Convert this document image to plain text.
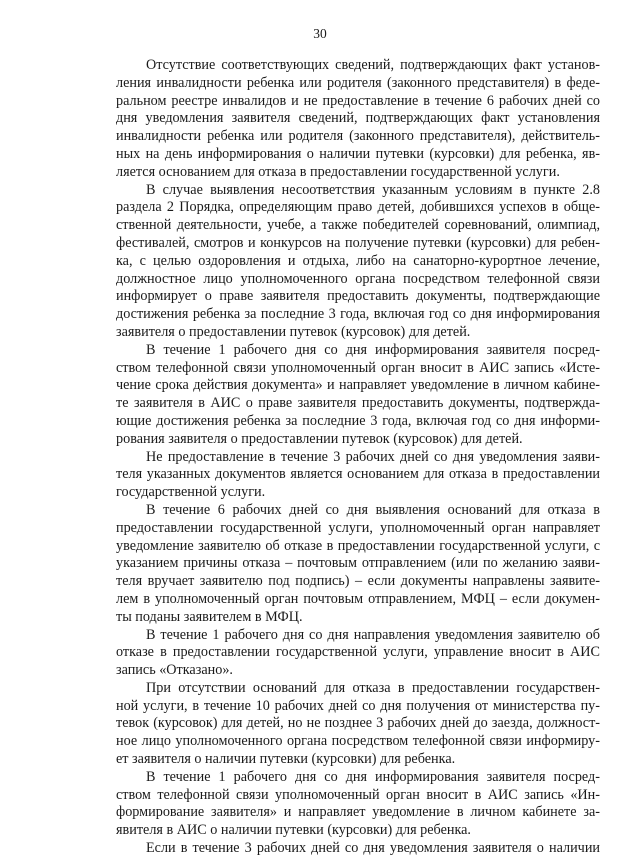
30
Отсутствие соответствующих сведений, подтверждающих факт установ-
ления инвалидности ребенка или родителя (законного представителя) в феде-
ральном реестре инвалидов и не предоставление в течение 6 рабочих дней со
дня уведомления заявителя сведений, подтверждающих факт установления
инвалидности ребенка или родителя (законного представителя), действитель-
ных на день информирования о наличии путевки (курсовки) для ребенка, яв-
ляется основанием для отказа в предоставлении государственной услуги.
В случае выявления несоответствия указанным условиям в пункте 2.8
раздела 2 Порядка, определяющим право детей, добившихся успехов в обще-
ственной деятельности, учебе, а также победителей соревнований, олимпиад,
фестивалей, смотров и конкурсов на получение путевки (курсовки) для ребен-
ка, с целью оздоровления и отдыха, либо на санаторно-курортное лечение,
должностное лицо уполномоченного органа посредством телефонной связи
информирует о праве заявителя предоставить документы, подтверждающие
достижения ребенка за последние 3 года, включая год со дня информирования
заявителя о предоставлении путевок (курсовок) для детей.
В течение 1 рабочего дня со дня информирования заявителя посред-
ством телефонной связи уполномоченный орган вносит в АИС запись «Исте-
чение срока действия документа» и направляет уведомление в личном кабине-
те заявителя в АИС о праве заявителя предоставить документы, подтвержда-
ющие достижения ребенка за последние 3 года, включая год со дня информи-
рования заявителя о предоставлении путевок (курсовок) для детей.
Не предоставление в течение 3 рабочих дней со дня уведомления заяви-
теля указанных документов является основанием для отказа в предоставлении
государственной услуги.
В течение 6 рабочих дней со дня выявления оснований для отказа в
предоставлении государственной услуги, уполномоченный орган направляет
уведомление заявителю об отказе в предоставлении государственной услуги, с
указанием причины отказа – почтовым отправлением (или по желанию заяви-
теля вручает заявителю под подпись) – если документы направлены заявите-
лем в уполномоченный орган почтовым отправлением, МФЦ – если докумен-
ты поданы заявителем в МФЦ.
В течение 1 рабочего дня со дня направления уведомления заявителю об
отказе в предоставлении государственной услуги, управление вносит в АИС
запись «Отказано».
При отсутствии оснований для отказа в предоставлении государствен-
ной услуги, в течение 10 рабочих дней со дня получения от министерства пу-
тевок (курсовок) для детей, но не позднее 3 рабочих дней до заезда, должност-
ное лицо уполномоченного органа посредством телефонной связи информиру-
ет заявителя о наличии путевки (курсовки) для ребенка.
В течение 1 рабочего дня со дня информирования заявителя посред-
ством телефонной связи уполномоченный орган вносит в АИС запись «Ин-
формирование заявителя» и направляет уведомление в личном кабинете за-
явителя в АИС о наличии путевки (курсовки) для ребенка.
Если в течение 3 рабочих дней со дня уведомления заявителя о наличии
